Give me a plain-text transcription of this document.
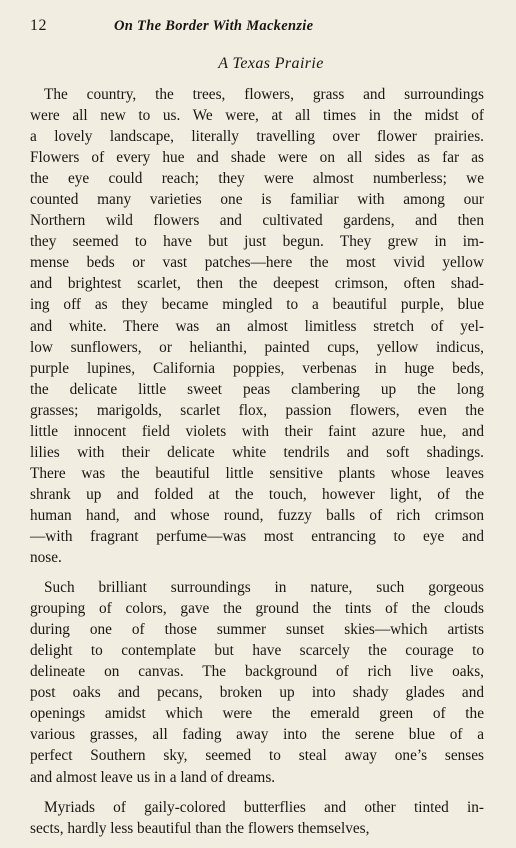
12	On The Border With Mackenzie
A Texas Prairie

The country, the trees, flowers, grass and surroundings
were all new to us. We were, at all times in the midst of
a lovely landscape, literally travelling over flower prairies.
Flowers of every hue and shade were on all sides as far as
the eye could reach; they were almost numberless; we
counted many varieties one is familiar with among our
Northern wild flowers and cultivated gardens, and then
they seemed to have but just begun. They grew in im-
mense beds or vast patches—here the most vivid yellow
and brightest scarlet, then the deepest crimson, often shad-
ing off as they became mingled to a beautiful purple, blue
and white. There was an almost limitless stretch of yel-
low sunflowers, or helianthi, painted cups, yellow indicus,
purple lupines, California poppies, verbenas in huge beds,
the delicate little sweet peas clambering up the long
grasses; marigolds, scarlet flox, passion flowers, even the
little innocent field violets with their faint azure hue, and
lilies with their delicate white tendrils and soft shadings.
There was the beautiful little sensitive plants whose leaves
shrank up and folded at the touch, however light, of the
human hand, and whose round, fuzzy balls of rich crimson
—with fragrant perfume—was most entrancing to eye and
nose.

Such brilliant surroundings in nature, such gorgeous
grouping of colors, gave the ground the tints of the clouds
during one of those summer sunset skies—which artists
delight to contemplate but have scarcely the courage to
delineate on canvas. The background of rich live oaks,
post oaks and pecans, broken up into shady glades and
openings amidst which were the emerald green of the
various grasses, all fading away into the serene blue of a
perfect Southern sky, seemed to steal away one’s senses
and almost leave us in a land of dreams.

Myriads of gaily-colored butterflies and other tinted in-
sects, hardly less beautiful than the flowers themselves,
